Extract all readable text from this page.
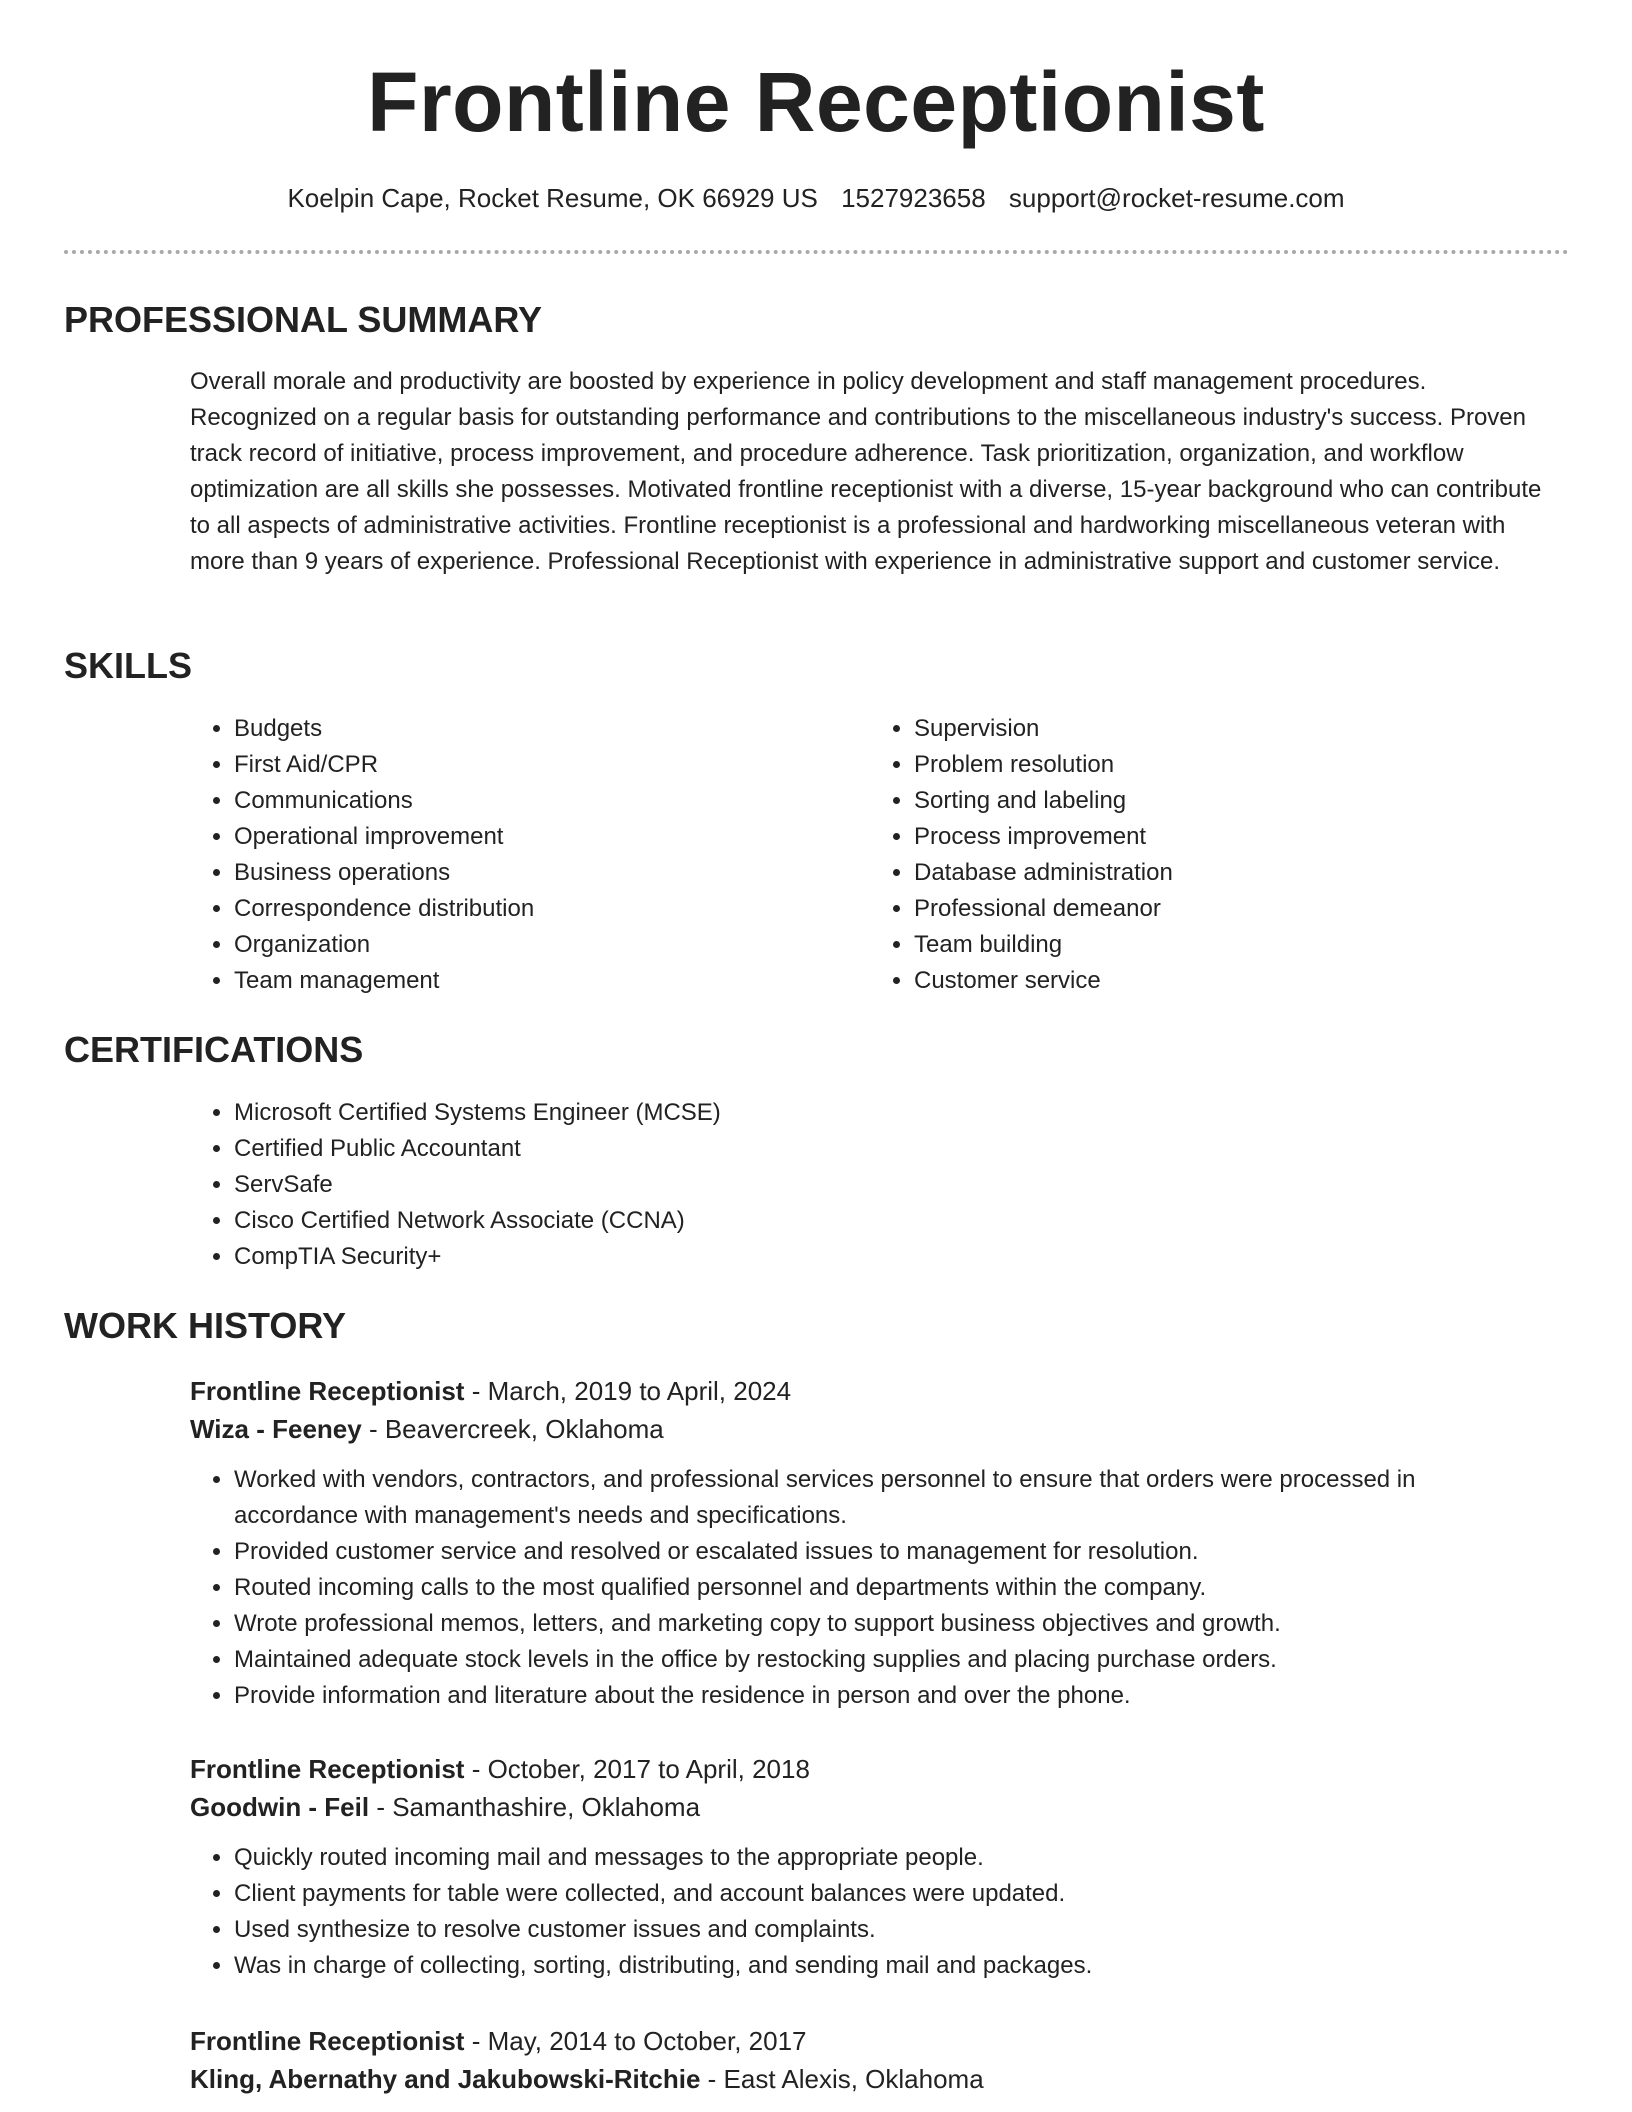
Frontline Receptionist
Koelpin Cape, Rocket Resume, OK 66929 US 1527923658 support@rocket-resume.com
PROFESSIONAL SUMMARY

Overall morale and productivity are boosted by experience in policy development and staff management procedures. Recognized on a regular basis for outstanding performance and contributions to the miscellaneous industry's success. Proven track record of initiative, process improvement, and procedure adherence. Task prioritization, organization, and workflow optimization are all skills she possesses. Motivated frontline receptionist with a diverse, 15-year background who can contribute to all aspects of administrative activities. Frontline receptionist is a professional and hardworking miscellaneous veteran with more than 9 years of experience. Professional Receptionist with experience in administrative support and customer service.

SKILLS
• Budgets
• First Aid/CPR
• Communications
• Operational improvement
• Business operations
• Correspondence distribution
• Organization
• Team management
• Supervision
• Problem resolution
• Sorting and labeling
• Process improvement
• Database administration
• Professional demeanor
• Team building
• Customer service
CERTIFICATIONS
• Microsoft Certified Systems Engineer (MCSE)
• Certified Public Accountant
• ServSafe
• Cisco Certified Network Associate (CCNA)
• CompTIA Security+
WORK HISTORY
Frontline Receptionist - March, 2019 to April, 2024
Wiza - Feeney - Beavercreek, Oklahoma
• Worked with vendors, contractors, and professional services personnel to ensure that orders were processed in accordance with management's needs and specifications.
• Provided customer service and resolved or escalated issues to management for resolution.
• Routed incoming calls to the most qualified personnel and departments within the company.
• Wrote professional memos, letters, and marketing copy to support business objectives and growth.
• Maintained adequate stock levels in the office by restocking supplies and placing purchase orders.
• Provide information and literature about the residence in person and over the phone.
Frontline Receptionist - October, 2017 to April, 2018
Goodwin - Feil - Samanthashire, Oklahoma
• Quickly routed incoming mail and messages to the appropriate people.
• Client payments for table were collected, and account balances were updated.
• Used synthesize to resolve customer issues and complaints.
• Was in charge of collecting, sorting, distributing, and sending mail and packages.
Frontline Receptionist - May, 2014 to October, 2017
Kling, Abernathy and Jakubowski-Ritchie - East Alexis, Oklahoma
